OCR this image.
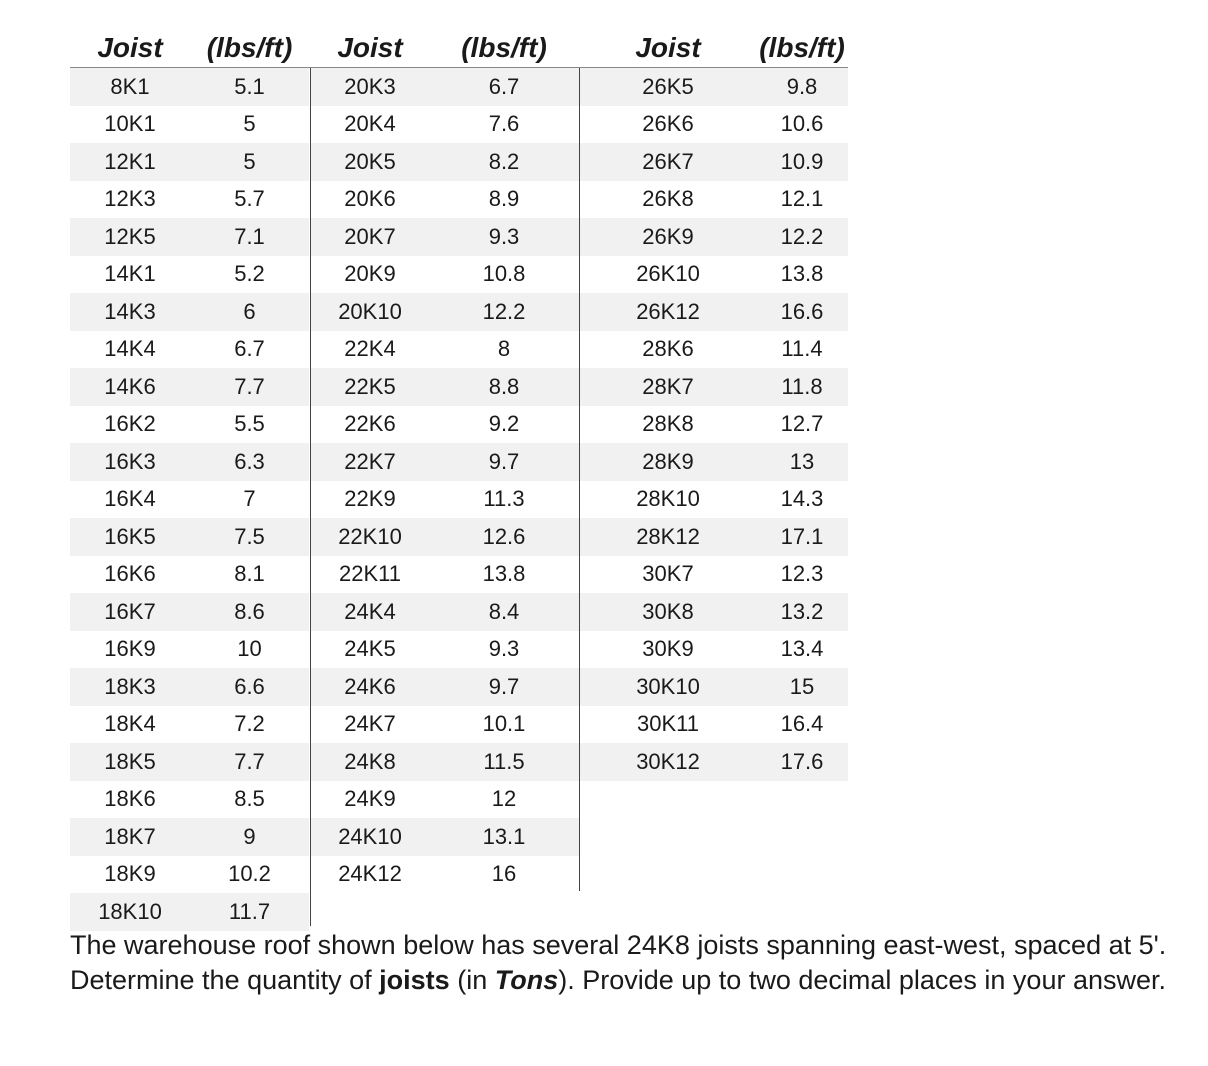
Joist	(lbs/ft)
8K1	5.1
10K1	5
12K1	5
12K3	5.7
12K5	7.1
14K1	5.2
14K3	6
14K4	6.7
14K6	7.7
16K2	5.5
16K3	6.3
16K4	7
16K5	7.5
16K6	8.1
16K7	8.6
16K9	10
18K3	6.6
18K4	7.2
18K5	7.7
18K6	8.5
18K7	9
18K9	10.2
18K10	11.7
Joist	(lbs/ft)
20K3	6.7
20K4	7.6
20K5	8.2
20K6	8.9
20K7	9.3
20K9	10.8
20K10	12.2
22K4	8
22K5	8.8
22K6	9.2
22K7	9.7
22K9	11.3
22K10	12.6
22K11	13.8
24K4	8.4
24K5	9.3
24K6	9.7
24K7	10.1
24K8	11.5
24K9	12
24K10	13.1
24K12	16
Joist	(lbs/ft)
26K5	9.8
26K6	10.6
26K7	10.9
26K8	12.1
26K9	12.2
26K10	13.8
26K12	16.6
28K6	11.4
28K7	11.8
28K8	12.7
28K9	13
28K10	14.3
28K12	17.1
30K7	12.3
30K8	13.2
30K9	13.4
30K10	15
30K11	16.4
30K12	17.6
The warehouse roof shown below has several 24K8 joists spanning east-west, spaced at 5'.
Determine the quantity of joists (in Tons). Provide up to two decimal places in your answer.
